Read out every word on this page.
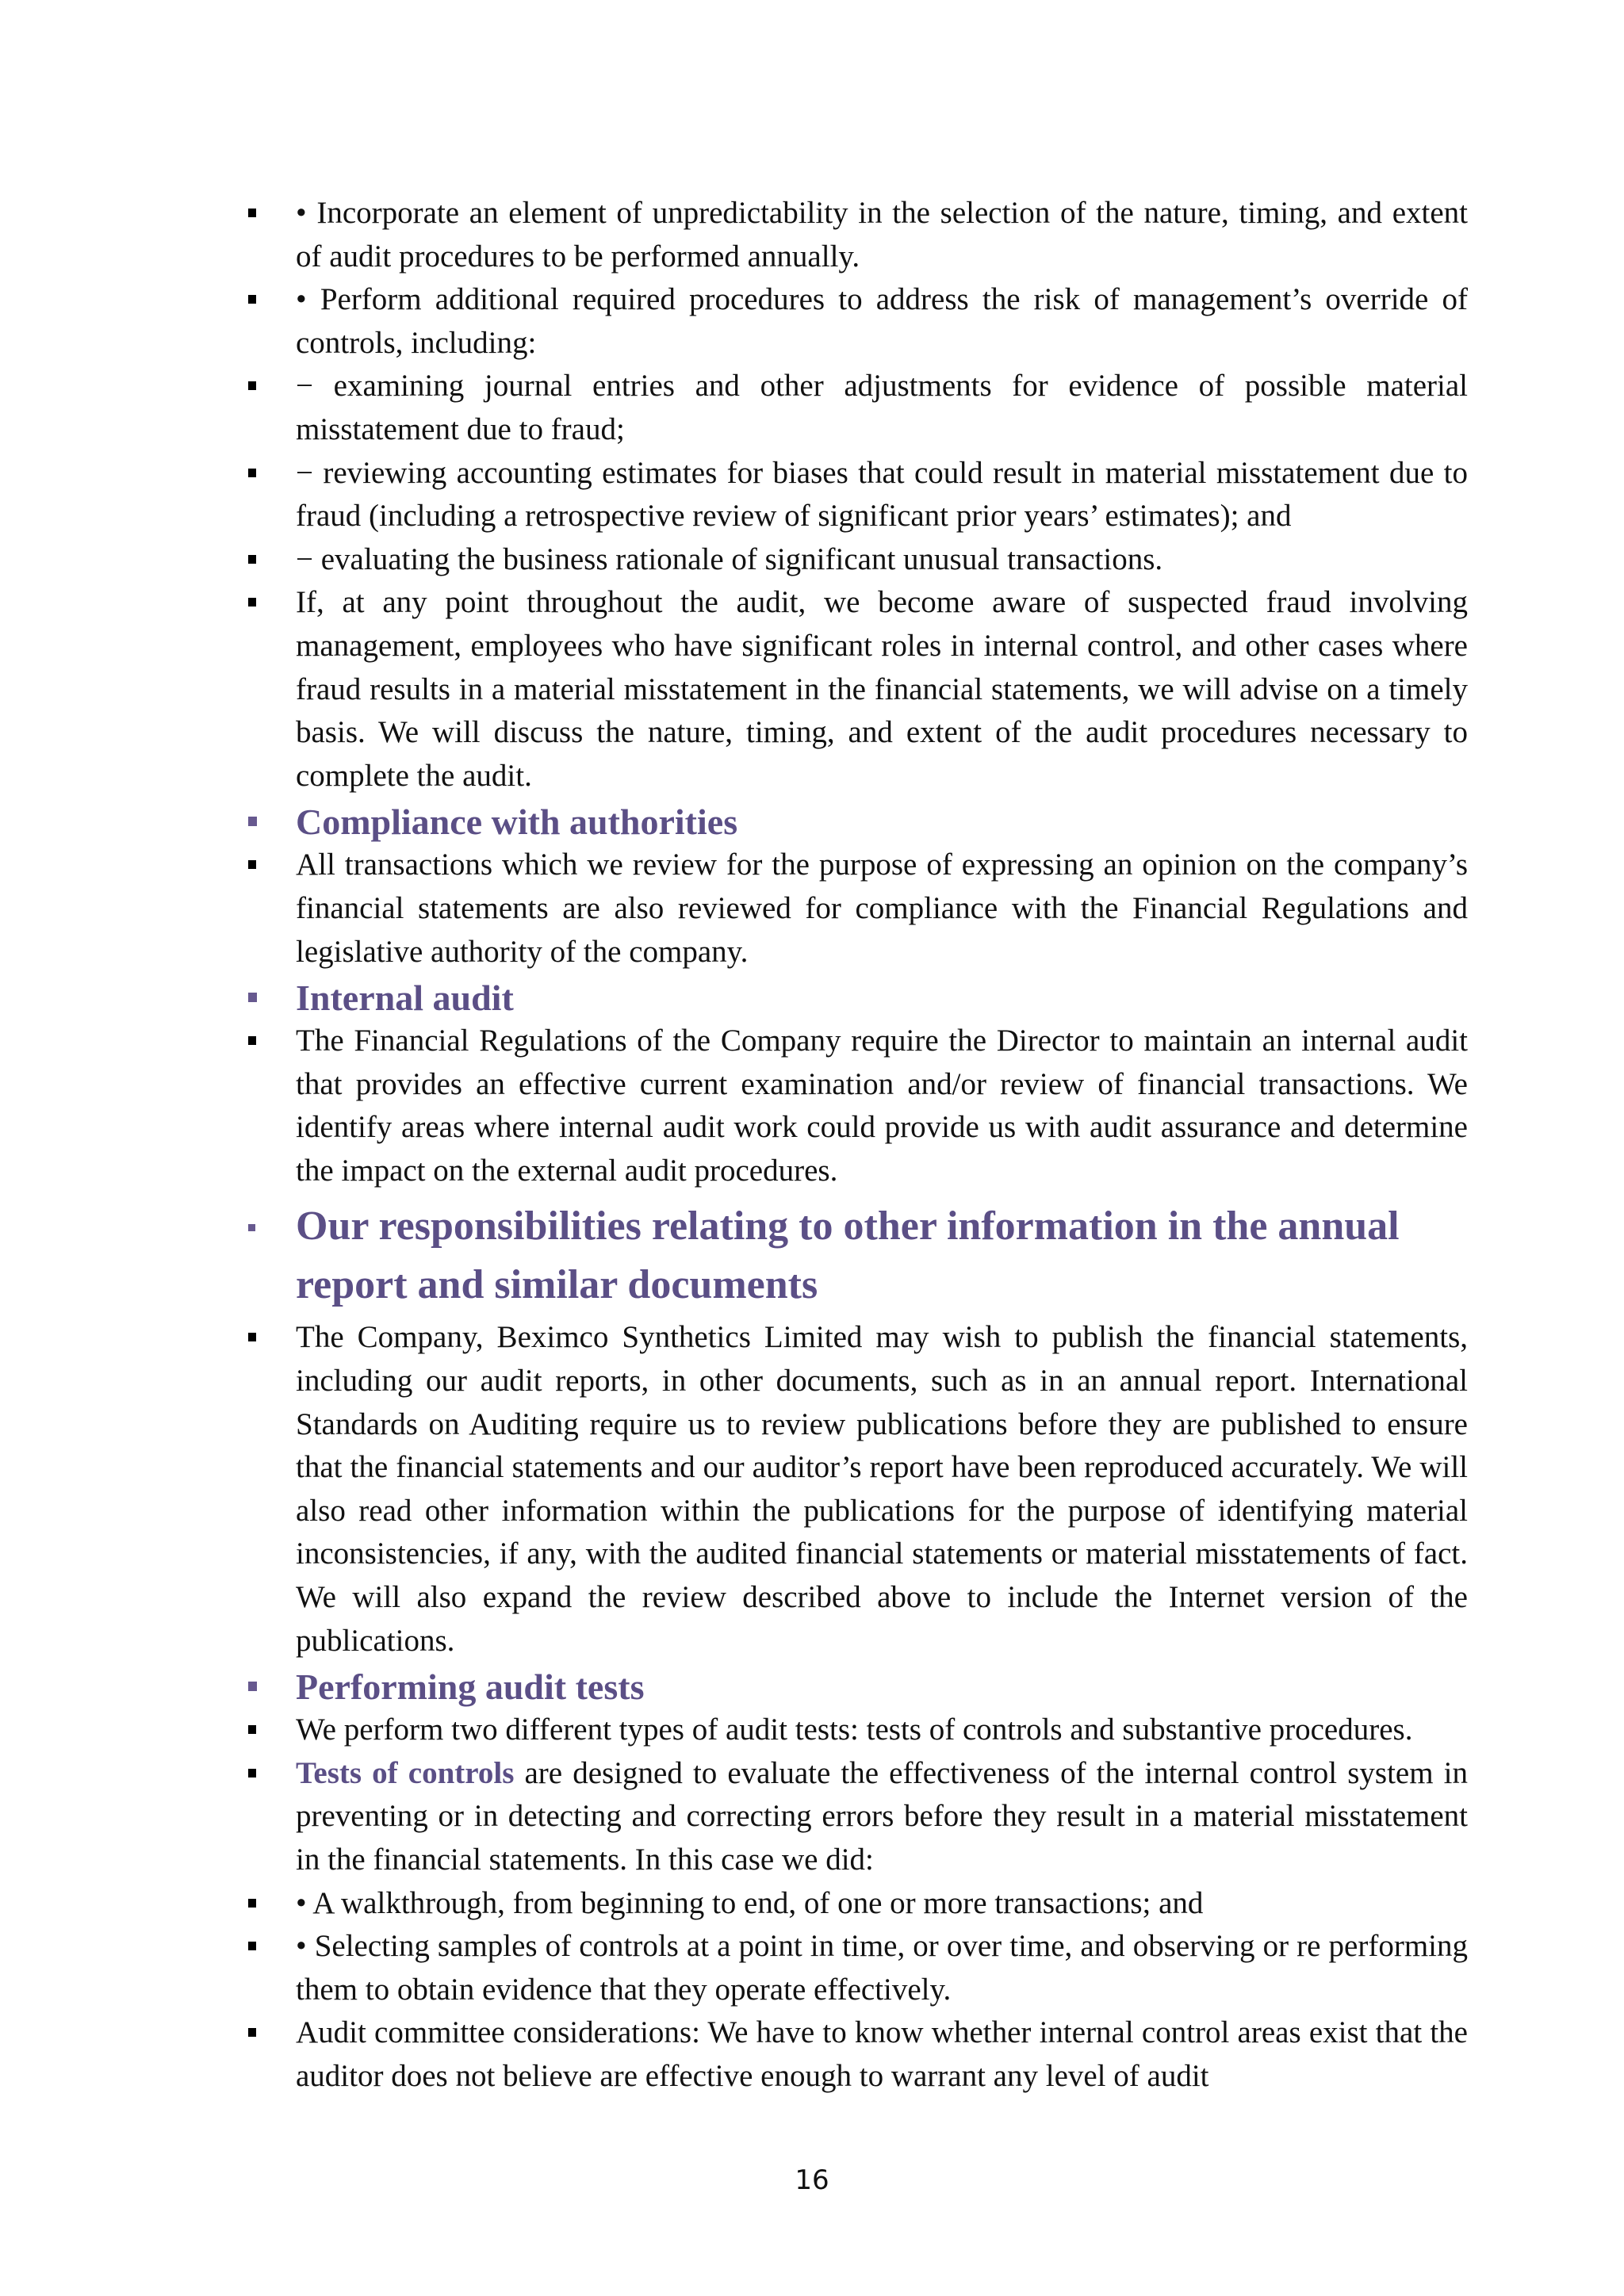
• Incorporate an element of unpredictability in the selection of the nature, timing, and extent of audit procedures to be performed annually.
• Perform additional required procedures to address the risk of management’s override of controls, including:
− examining journal entries and other adjustments for evidence of possible material misstatement due to fraud;
− reviewing accounting estimates for biases that could result in material misstatement due to fraud (including a retrospective review of significant prior years’ estimates); and
− evaluating the business rationale of significant unusual transactions.
If, at any point throughout the audit, we become aware of suspected fraud involving management, employees who have significant roles in internal control, and other cases where fraud results in a material misstatement in the financial statements, we will advise on a timely basis. We will discuss the nature, timing, and extent of the audit procedures necessary to complete the audit.
Compliance with authorities
All transactions which we review for the purpose of expressing an opinion on the company’s financial statements are also reviewed for compliance with the Financial Regulations and legislative authority of the company.
Internal audit
The Financial Regulations of the Company require the Director to maintain an internal audit that provides an effective current examination and/or review of financial transactions. We identify areas where internal audit work could provide us with audit assurance and determine the impact on the external audit procedures.
Our responsibilities relating to other information in the annual report and similar documents
The Company, Beximco Synthetics Limited may wish to publish the financial statements, including our audit reports, in other documents, such as in an annual report. International Standards on Auditing require us to review publications before they are published to ensure that the financial statements and our auditor’s report have been reproduced accurately. We will also read other information within the publications for the purpose of identifying material inconsistencies, if any, with the audited financial statements or material misstatements of fact. We will also expand the review described above to include the Internet version of the publications.
Performing audit tests
We perform two different types of audit tests: tests of controls and substantive procedures.
Tests of controls are designed to evaluate the effectiveness of the internal control system in preventing or in detecting and correcting errors before they result in a material misstatement in the financial statements. In this case we did:
• A walkthrough, from beginning to end, of one or more transactions; and
• Selecting samples of controls at a point in time, or over time, and observing or re performing them to obtain evidence that they operate effectively.
Audit committee considerations: We have to know whether internal control areas exist that the auditor does not believe are effective enough to warrant any level of audit
16
